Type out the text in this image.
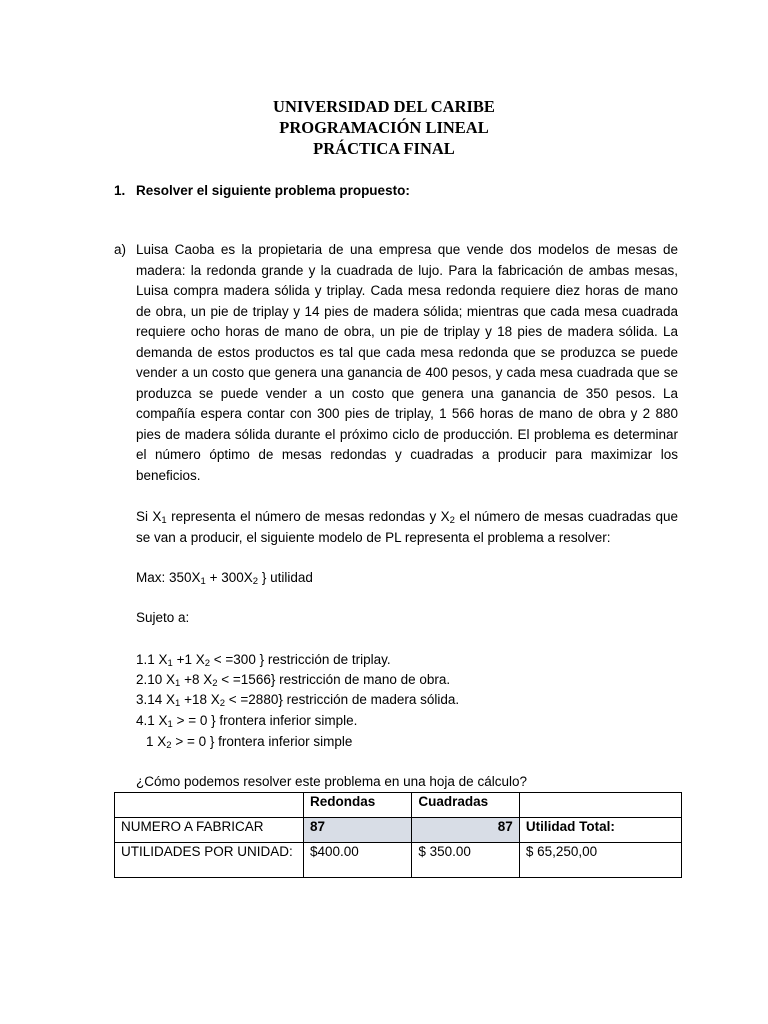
UNIVERSIDAD DEL CARIBE
PROGRAMACIÓN LINEAL
PRÁCTICA FINAL
1. Resolver el siguiente problema propuesto:
a) Luisa Caoba es la propietaria de una empresa que vende dos modelos de mesas de madera: la redonda grande y la cuadrada de lujo. Para la fabricación de ambas mesas, Luisa compra madera sólida y triplay. Cada mesa redonda requiere diez horas de mano de obra, un pie de triplay y 14 pies de madera sólida; mientras que cada mesa cuadrada requiere ocho horas de mano de obra, un pie de triplay y 18 pies de madera sólida. La demanda de estos productos es tal que cada mesa redonda que se produzca se puede vender a un costo que genera una ganancia de 400 pesos, y cada mesa cuadrada que se produzca se puede vender a un costo que genera una ganancia de 350 pesos. La compañía espera contar con 300 pies de triplay, 1 566 horas de mano de obra y 2 880 pies de madera sólida durante el próximo ciclo de producción. El problema es determinar el número óptimo de mesas redondas y cuadradas a producir para maximizar los beneficios.
Si $X_1$ representa el número de mesas redondas y $X_2$ el número de mesas cuadradas que se van a producir, el siguiente modelo de PL representa el problema a resolver:
Max: $350X_1 + 300X_2$ } utilidad
Sujeto a:
1.1 $X_1 +1$ $X_2 < =300$ } restricción de triplay.
2.10 $X_1 +8$ $X_2 < =1566$} restricción de mano de obra.
3.14 $X_1 +18$ $X_2 < =2880$} restricción de madera sólida.
4.1 $X_1$ > = 0 } frontera inferior simple.
1 $X_2$ > = 0 } frontera inferior simple
¿Cómo podemos resolver este problema en una hoja de cálculo?
	Redondas	Cuadradas	
NUMERO A FABRICAR	87	87	Utilidad Total:
UTILIDADES POR UNIDAD:	$400.00	$ 350.00	$ 65,250,00
